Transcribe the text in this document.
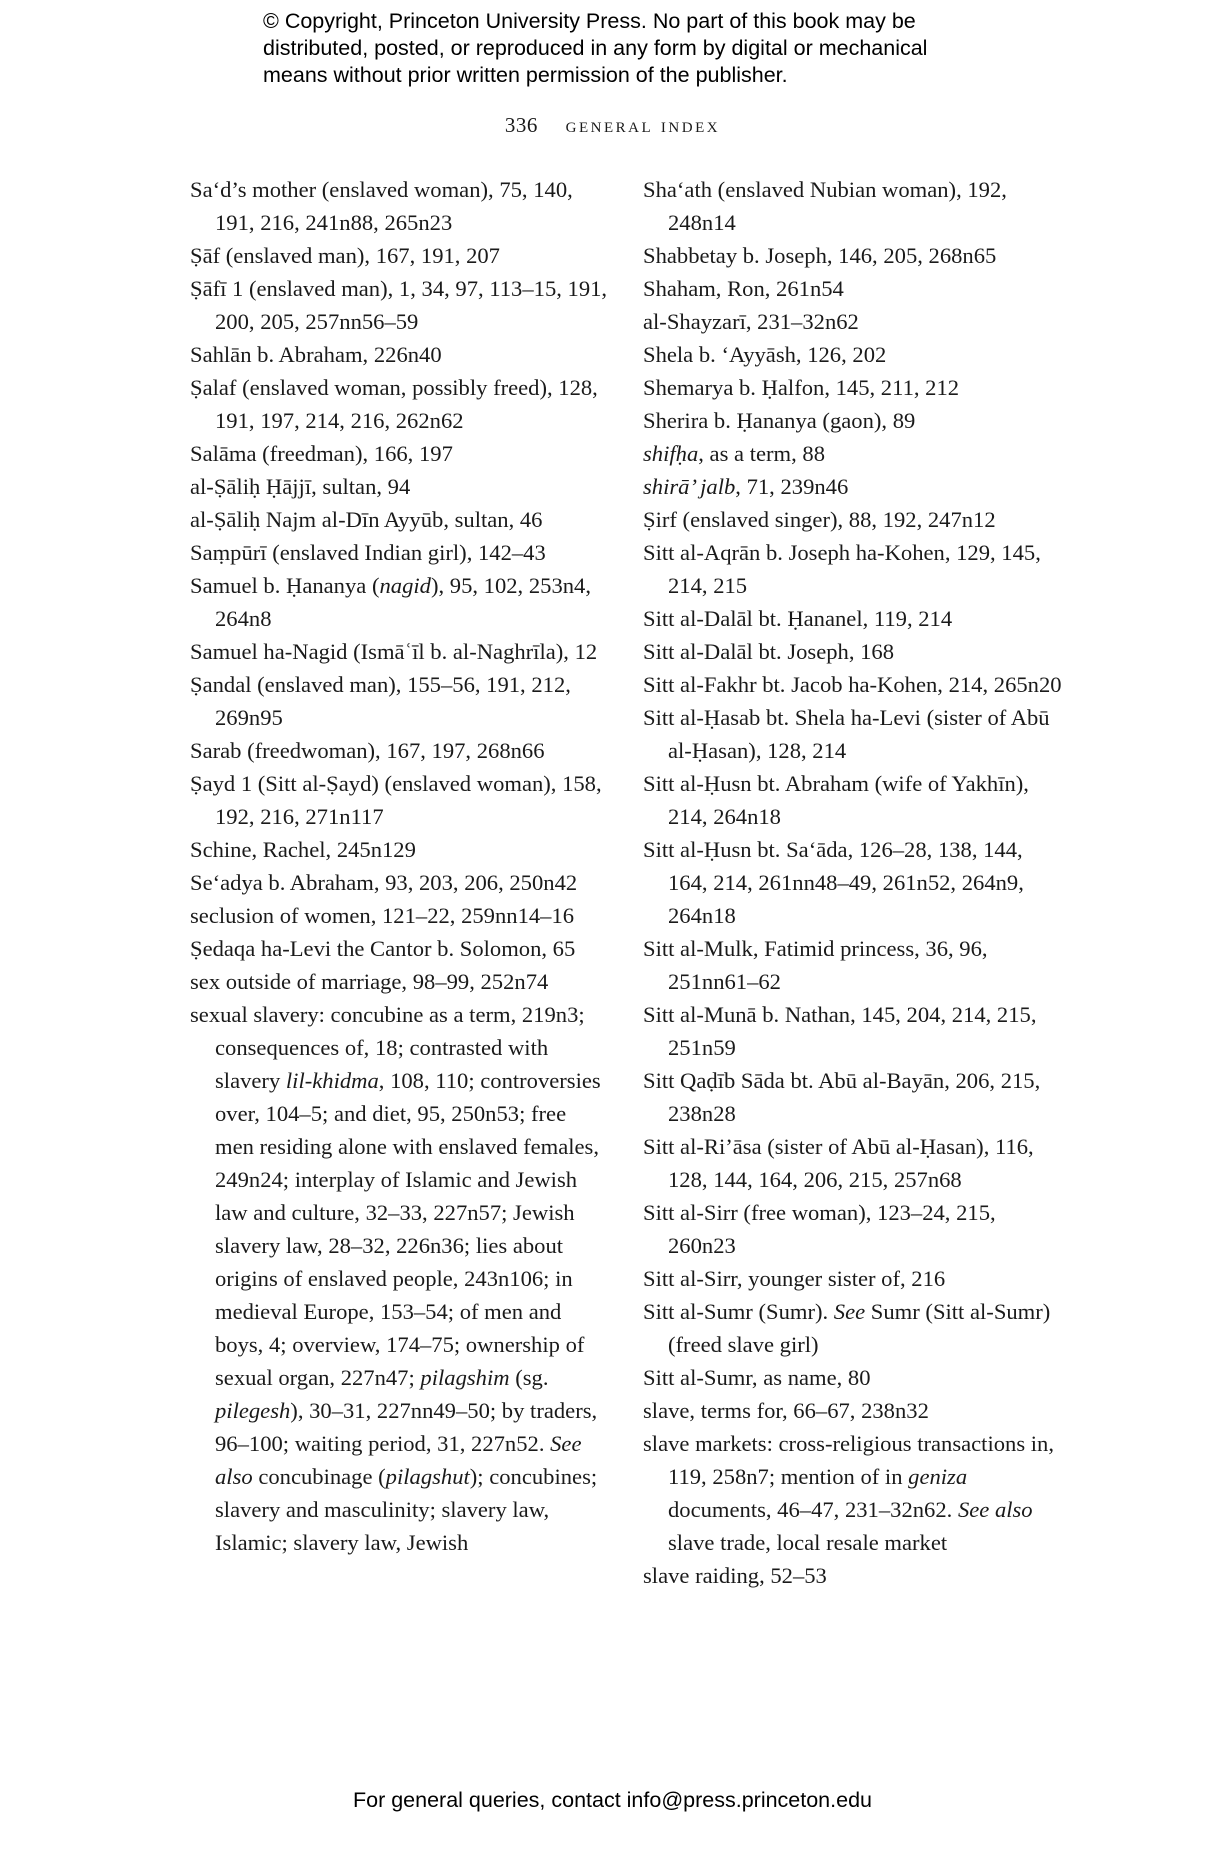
© Copyright, Princeton University Press. No part of this book may be
distributed, posted, or reproduced in any form by digital or mechanical
means without prior written permission of the publisher.
336 general index

Sa‘d’s mother (enslaved woman), 75, 140, 191, 216, 241n88, 265n23

Ṣāf (enslaved man), 167, 191, 207

Ṣāfī 1 (enslaved man), 1, 34, 97, 113–15, 191, 200, 205, 257nn56–59

Sahlān b. Abraham, 226n40

Ṣalaf (enslaved woman, possibly freed), 128, 191, 197, 214, 216, 262n62

Salāma (freedman), 166, 197

al-Ṣāliḥ Ḥājjī, sultan, 94

al-Ṣāliḥ Najm al-Dīn Ayyūb, sultan, 46

Saṃpūrī (enslaved Indian girl), 142–43

Samuel b. Ḥananya (nagid), 95, 102, 253n4, 264n8

Samuel ha-Nagid (Ismāʿīl b. al-Naghrīla), 12

Ṣandal (enslaved man), 155–56, 191, 212, 269n95

Sarab (freedwoman), 167, 197, 268n66

Ṣayd 1 (Sitt al-Ṣayd) (enslaved woman), 158, 192, 216, 271n117

Schine, Rachel, 245n129

Se‘adya b. Abraham, 93, 203, 206, 250n42

seclusion of women, 121–22, 259nn14–16

Ṣedaqa ha-Levi the Cantor b. Solomon, 65

sex outside of marriage, 98–99, 252n74

sexual slavery: concubine as a term, 219n3; consequences of, 18; contrasted with slavery lil-khidma, 108, 110; controversies over, 104–5; and diet, 95, 250n53; free men residing alone with enslaved females, 249n24; interplay of Islamic and Jewish law and culture, 32–33, 227n57; Jewish slavery law, 28–32, 226n36; lies about origins of enslaved people, 243n106; in medieval Europe, 153–54; of men and boys, 4; overview, 174–75; ownership of sexual organ, 227n47; pilagshim (sg. pilegesh), 30–31, 227nn49–50; by traders, 96–100; waiting period, 31, 227n52. See also concubinage (pilagshut); concubines; slavery and masculinity; slavery law, Islamic; slavery law, Jewish

Sha‘ath (enslaved Nubian woman), 192, 248n14

Shabbetay b. Joseph, 146, 205, 268n65

Shaham, Ron, 261n54

al-Shayzarī, 231–32n62

Shela b. ‘Ayyāsh, 126, 202

Shemarya b. Ḥalfon, 145, 211, 212

Sherira b. Ḥananya (gaon), 89

shifḥa, as a term, 88

shirā’ jalb, 71, 239n46

Ṣirf (enslaved singer), 88, 192, 247n12

Sitt al-Aqrān b. Joseph ha-Kohen, 129, 145, 214, 215

Sitt al-Dalāl bt. Ḥananel, 119, 214

Sitt al-Dalāl bt. Joseph, 168

Sitt al-Fakhr bt. Jacob ha-Kohen, 214, 265n20

Sitt al-Ḥasab bt. Shela ha-Levi (sister of Abū al-Ḥasan), 128, 214

Sitt al-Ḥusn bt. Abraham (wife of Yakhīn), 214, 264n18

Sitt al-Ḥusn bt. Sa‘āda, 126–28, 138, 144, 164, 214, 261nn48–49, 261n52, 264n9, 264n18

Sitt al-Mulk, Fatimid princess, 36, 96, 251nn61–62

Sitt al-Munā b. Nathan, 145, 204, 214, 215, 251n59

Sitt Qaḍīb Sāda bt. Abū al-Bayān, 206, 215, 238n28

Sitt al-Ri’āsa (sister of Abū al-Ḥasan), 116, 128, 144, 164, 206, 215, 257n68

Sitt al-Sirr (free woman), 123–24, 215, 260n23

Sitt al-Sirr, younger sister of, 216

Sitt al-Sumr (Sumr). See Sumr (Sitt al-Sumr) (freed slave girl)

Sitt al-Sumr, as name, 80

slave, terms for, 66–67, 238n32

slave markets: cross-religious transactions in, 119, 258n7; mention of in geniza documents, 46–47, 231–32n62. See also slave trade, local resale market

slave raiding, 52–53

For general queries, contact info@press.princeton.edu
